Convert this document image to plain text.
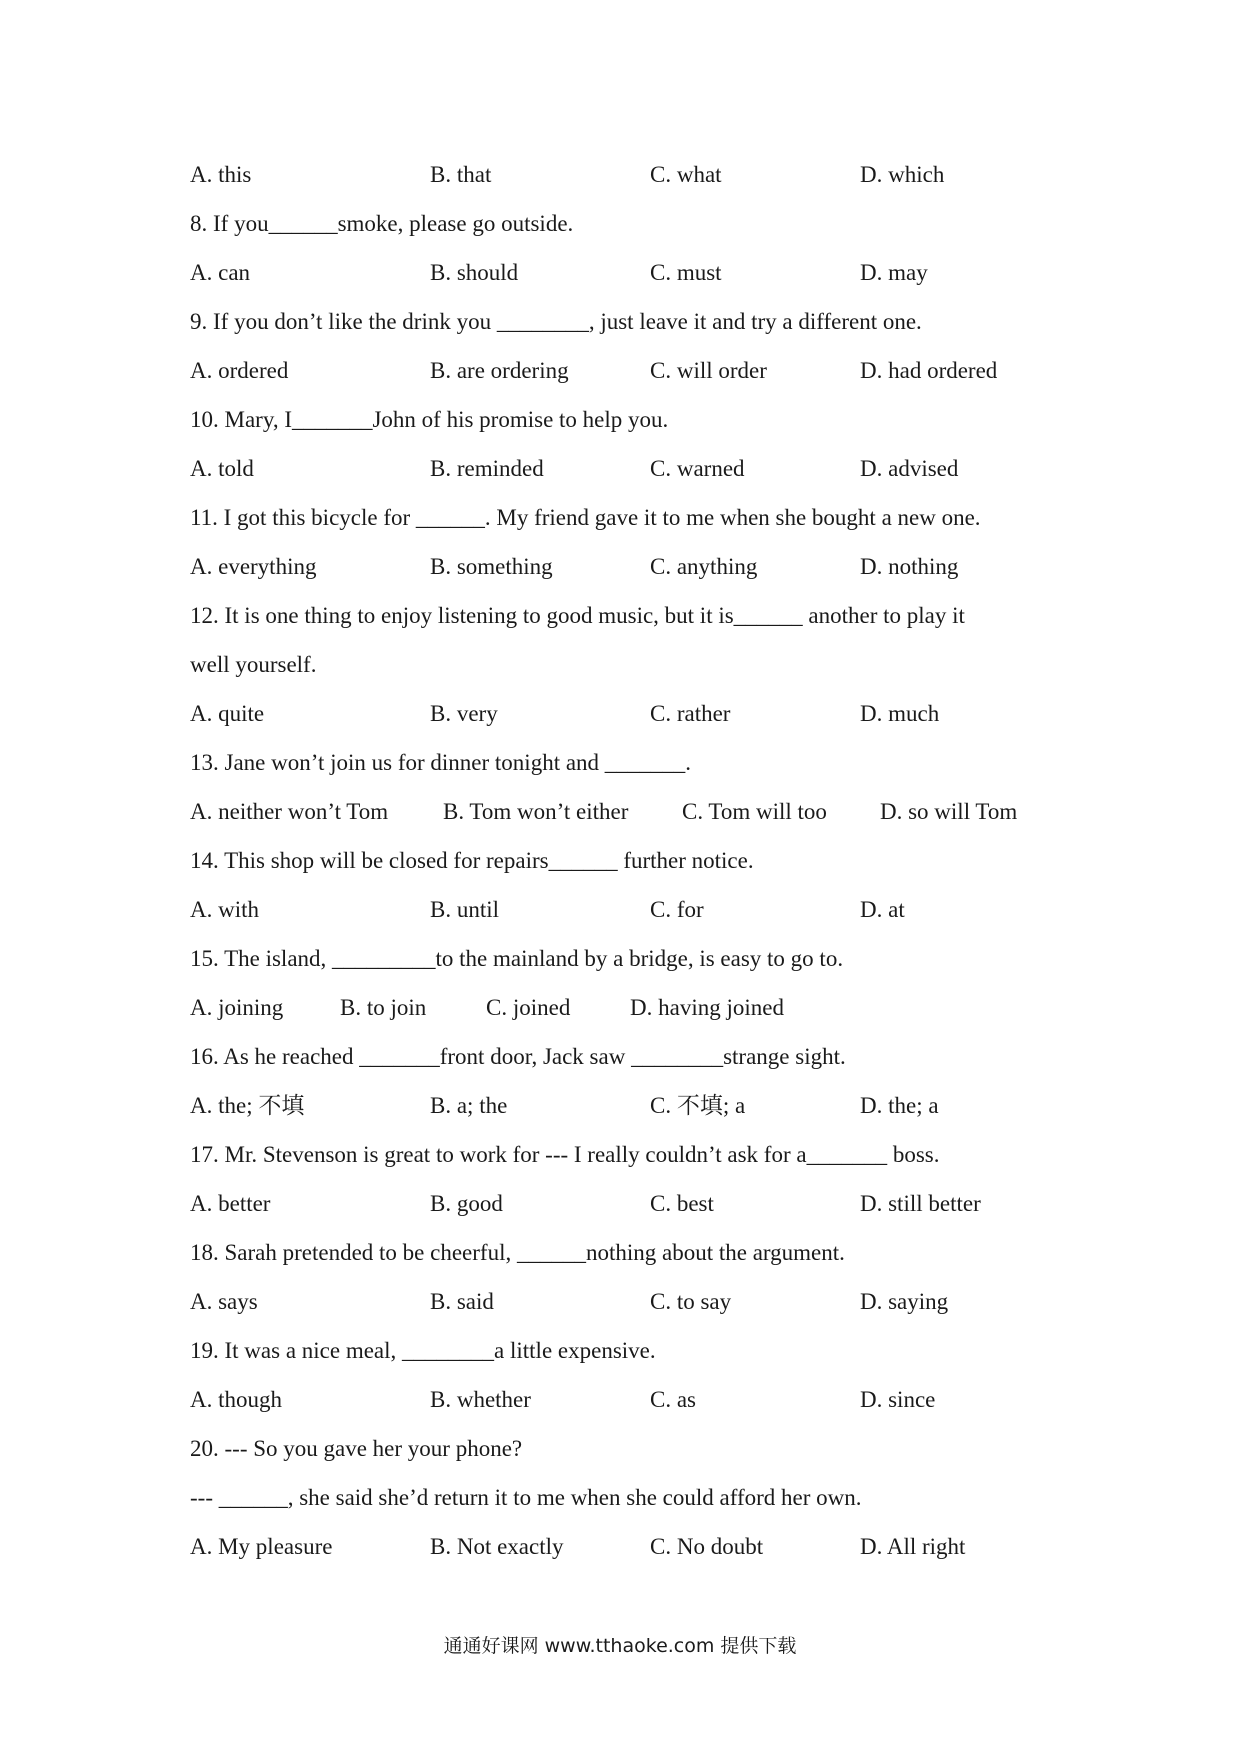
A. this	B. that	C. what	D. which
8. If you______smoke, please go outside.
A. can	B. should	C. must	D. may
9. If you don’t like the drink you ________, just leave it and try a different one.
A. ordered	B. are ordering	C. will order	D. had ordered
10. Mary, I_______John of his promise to help you.
A. told	B. reminded	C. warned	D. advised
11. I got this bicycle for ______. My friend gave it to me when she bought a new one.
A. everything	B. something	C. anything	D. nothing
12. It is one thing to enjoy listening to good music, but it is______ another to play it
well yourself.
A. quite	B. very	C. rather	D. much
13. Jane won’t join us for dinner tonight and _______.
A. neither won’t Tom B. Tom won’t either C. Tom will too D. so will Tom
14. This shop will be closed for repairs______ further notice.
A. with	B. until	C. for	D. at
15. The island, _________to the mainland by a bridge, is easy to go to.
A. joining B. to join	C. joined	D. having joined
16. As he reached _______front door, Jack saw ________strange sight.
A. the; 不填	B. a; the	C. 不填; a	D. the; a
17. Mr. Stevenson is great to work for --- I really couldn’t ask for a_______ boss.
A. better	B. good	C. best	D. still better
18. Sarah pretended to be cheerful, ______nothing about the argument.
A. says	B. said	C. to say	D. saying
19. It was a nice meal, ________a little expensive.
A. though	B. whether	C. as	D. since
20. --- So you gave her your phone?
--- ______, she said she’d return it to me when she could afford her own.
A. My pleasure	B. Not exactly	C. No doubt	D. All right
通通好课网 www.tthaoke.com 提供下载
